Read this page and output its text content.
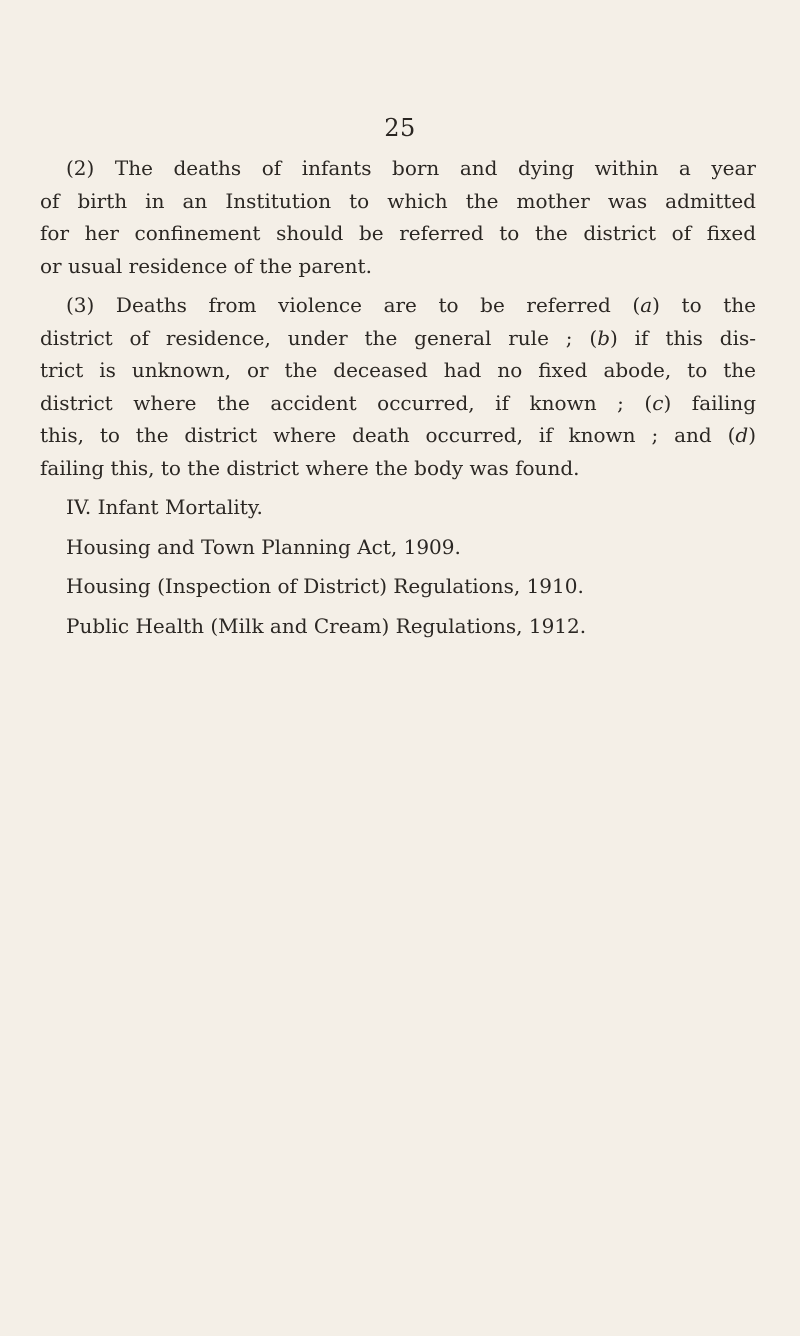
25

(2) The deaths of infants born and dying within a year
of birth in an Institution to which the mother was admitted
for her confinement should be referred to the district of fixed
or usual residence of the parent.

(3) Deaths from violence are to be referred (a) to the
district of residence, under the general rule ; (b) if this dis-
trict is unknown, or the deceased had no fixed abode, to the
district where the accident occurred, if known ; (c) failing
this, to the district where death occurred, if known ; and (d)
failing this, to the district where the body was found.

IV. Infant Mortality.

Housing and Town Planning Act, 1909.

Housing (Inspection of District) Regulations, 1910.

Public Health (Milk and Cream) Regulations, 1912.
